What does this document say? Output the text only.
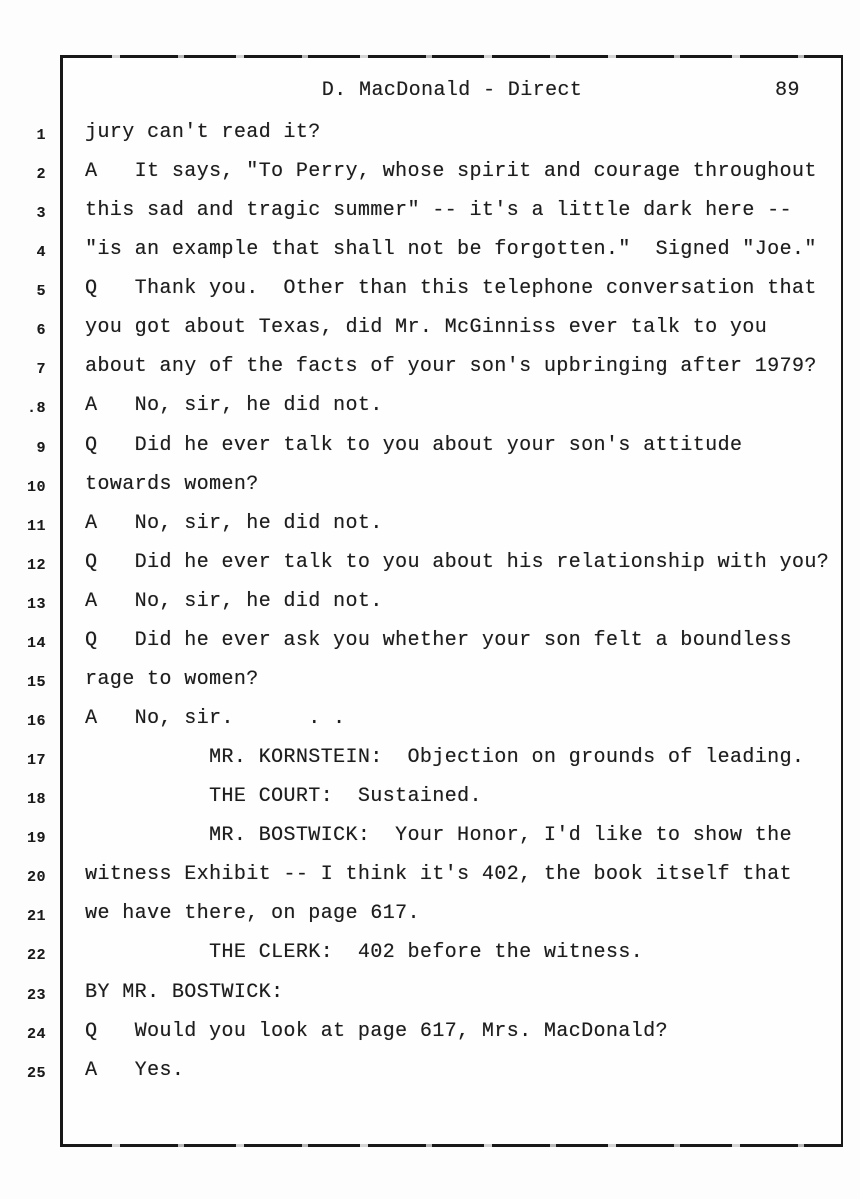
D. MacDonald - Direct	89
1 jury can't read it?
2 A   It says, "To Perry, whose spirit and courage throughout
3 this sad and tragic summer" -- it's a little dark here --
4 "is an example that shall not be forgotten."  Signed "Joe."
5 Q   Thank you.  Other than this telephone conversation that
6 you got about Texas, did Mr. McGinniss ever talk to you
7 about any of the facts of your son's upbringing after 1979?
.8 A   No, sir, he did not.
9 Q   Did he ever talk to you about your son's attitude
10 towards women?
11 A   No, sir, he did not.
12 Q   Did he ever talk to you about his relationship with you?
13 A   No, sir, he did not.
14 Q   Did he ever ask you whether your son felt a boundless
15 rage to women?
16 A   No, sir.      . .
17 MR. KORNSTEIN:  Objection on grounds of leading.
18 THE COURT:  Sustained.
19 MR. BOSTWICK:  Your Honor, I'd like to show the
20 witness Exhibit -- I think it's 402, the book itself that
21 we have there, on page 617.
22 THE CLERK:  402 before the witness.
23 BY MR. BOSTWICK:
24 Q   Would you look at page 617, Mrs. MacDonald?
25 A   Yes.
